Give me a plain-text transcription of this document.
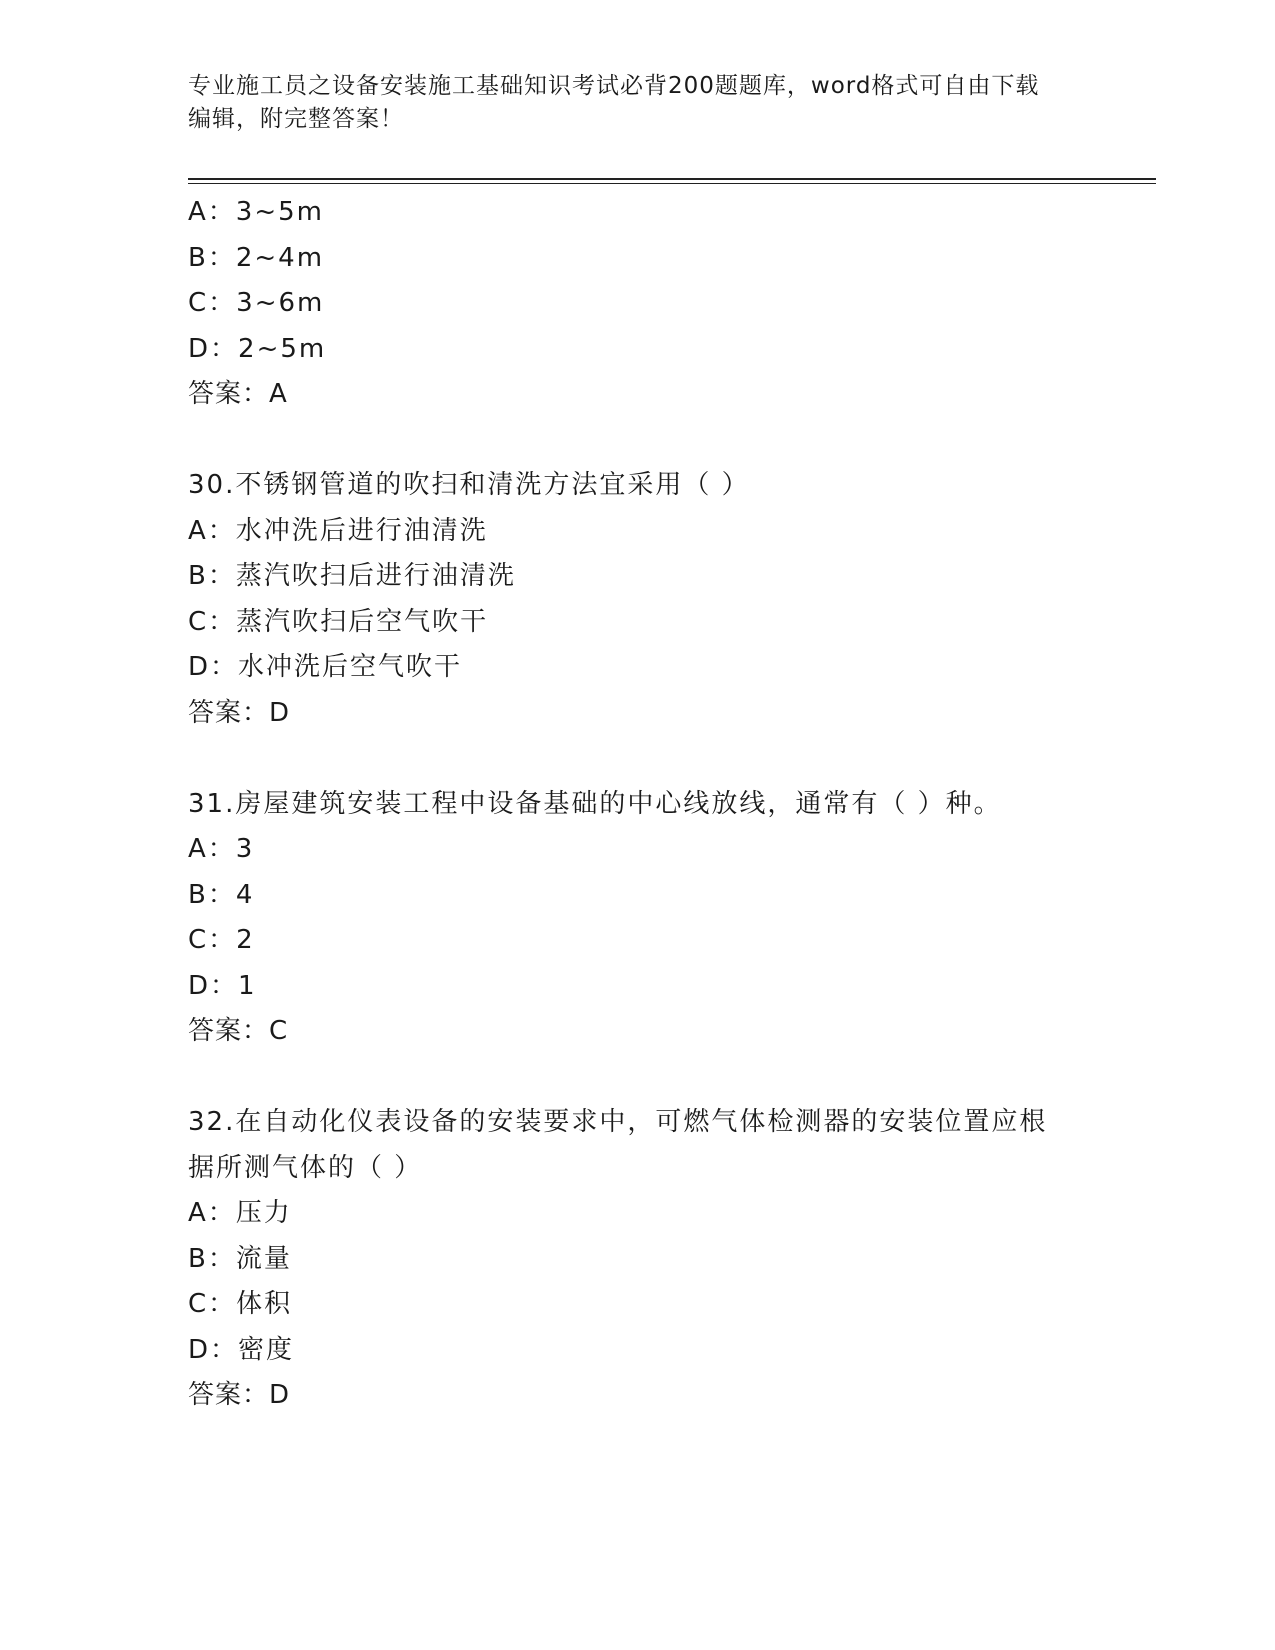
专业施工员之设备安装施工基础知识考试必背200题题库，word格式可自由下载
编辑，附完整答案！
A：3~5m
B：2~4m
C：3~6m
D：2~5m
答案：A
30.不锈钢管道的吹扫和清洗方法宜采用（ ）
A：水冲洗后进行油清洗
B：蒸汽吹扫后进行油清洗
C：蒸汽吹扫后空气吹干
D：水冲洗后空气吹干
答案：D
31.房屋建筑安装工程中设备基础的中心线放线，通常有（ ）种。
A：3
B：4
C：2
D：1
答案：C
32.在自动化仪表设备的安装要求中，可燃气体检测器的安装位置应根
据所测气体的（ ）
A：压力
B：流量
C：体积
D：密度
答案：D
